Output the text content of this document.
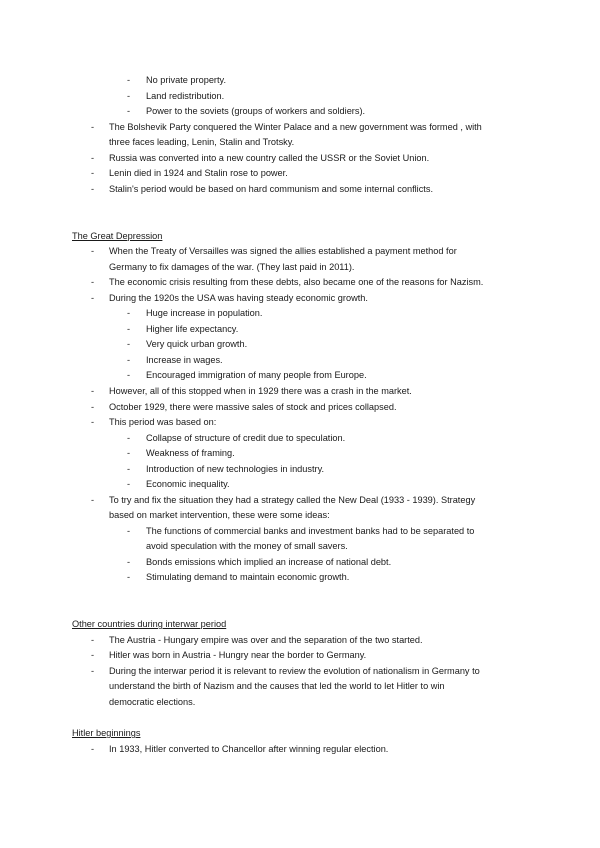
- No private property.
- Land redistribution.
- Power to the soviets (groups of workers and soldiers).
- The Bolshevik Party conquered the Winter Palace and a new government was formed , with
three faces leading, Lenin, Stalin and Trotsky.
- Russia was converted into a new country called the USSR or the Soviet Union.
- Lenin died in 1924 and Stalin rose to power.
- Stalin's period would be based on hard communism and some internal conflicts.
The Great Depression
- When the Treaty of Versailles was signed the allies established a payment method for
Germany to fix damages of the war. (They last paid in 2011).
- The economic crisis resulting from these debts, also became one of the reasons for Nazism.
- During the 1920s the USA was having steady economic growth.
- Huge increase in population.
- Higher life expectancy.
- Very quick urban growth.
- Increase in wages.
- Encouraged immigration of many people from Europe.
- However, all of this stopped when in 1929 there was a crash in the market.
- October 1929, there were massive sales of stock and prices collapsed.
- This period was based on:
- Collapse of structure of credit due to speculation.
- Weakness of framing.
- Introduction of new technologies in industry.
- Economic inequality.
- To try and fix the situation they had a strategy called the New Deal (1933 - 1939). Strategy
based on market intervention, these were some ideas:
- The functions of commercial banks and investment banks had to be separated to
avoid speculation with the money of small savers.
- Bonds emissions which implied an increase of national debt.
- Stimulating demand to maintain economic growth.
Other countries during interwar period
- The Austria - Hungary empire was over and the separation of the two started.
- Hitler was born in Austria - Hungry near the border to Germany.
- During the interwar period it is relevant to review the evolution of nationalism in Germany to
understand the birth of Nazism and the causes that led the world to let Hitler to win
democratic elections.
Hitler beginnings
- In 1933, Hitler converted to Chancellor after winning regular election.
